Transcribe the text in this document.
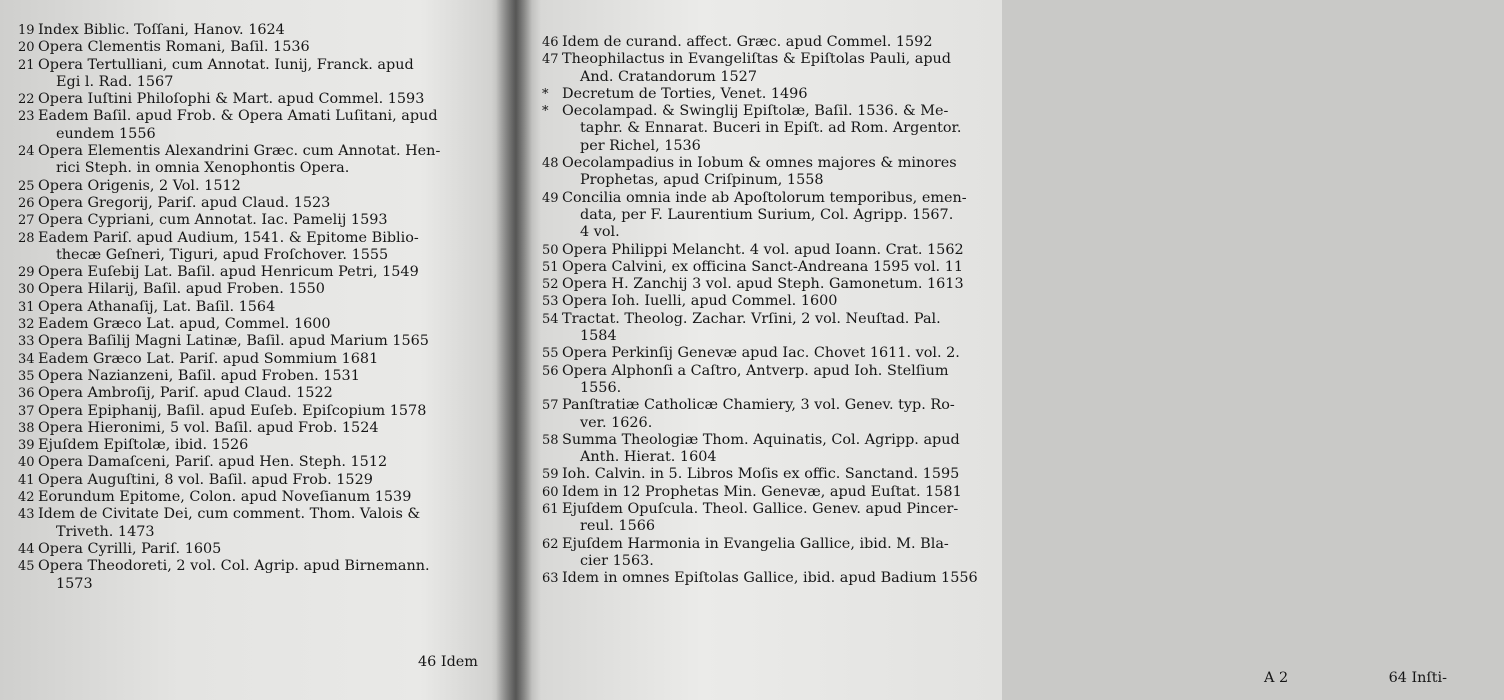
19 Index Biblic. Toſſani, Hanov. 1624
20 Opera Clementis Romani, Baſil. 1536
21 Opera Tertulliani, cum Annotat. Iunij, Franck. apud
Egi l. Rad. 1567
22 Opera Iuſtini Philoſophi & Mart. apud Commel. 1593
23 Eadem Baſil. apud Frob. & Opera Amati Luſitani, apud
eundem 1556
24 Opera Elementis Alexandrini Græc. cum Annotat. Hen-
rici Steph. in omnia Xenophontis Opera.
25 Opera Origenis, 2 Vol. 1512
26 Opera Gregorij, Pariſ. apud Claud. 1523
27 Opera Cypriani, cum Annotat. Iac. Pamelij 1593
28 Eadem Pariſ. apud Audium, 1541. & Epitome Biblio-
thecæ Geſneri, Tiguri, apud Froſchover. 1555
29 Opera Euſebij Lat. Baſil. apud Henricum Petri, 1549
30 Opera Hilarij, Baſil. apud Froben. 1550
31 Opera Athanaſij, Lat. Baſil. 1564
32 Eadem Græco Lat. apud, Commel. 1600
33 Opera Baſilij Magni Latinæ, Baſil. apud Marium 1565
34 Eadem Græco Lat. Pariſ. apud Sommium 1681
35 Opera Nazianzeni, Baſil. apud Froben. 1531
36 Opera Ambroſij, Pariſ. apud Claud. 1522
37 Opera Epiphanij, Baſil. apud Euſeb. Epiſcopium 1578
38 Opera Hieronimi, 5 vol. Baſil. apud Frob. 1524
39 Ejuſdem Epiſtolæ, ibid. 1526
40 Opera Damaſceni, Pariſ. apud Hen. Steph. 1512
41 Opera Auguſtini, 8 vol. Baſil. apud Frob. 1529
42 Eorundum Epitome, Colon. apud Noveſianum 1539
43 Idem de Civitate Dei, cum comment. Thom. Valois &
Triveth. 1473
44 Opera Cyrilli, Pariſ. 1605
45 Opera Theodoreti, 2 vol. Col. Agrip. apud Birnemann.
1573
46 Idem
46 Idem de curand. affect. Græc. apud Commel. 1592
47 Theophilactus in Evangeliſtas & Epiſtolas Pauli, apud
And. Cratandorum 1527
* Decretum de Torties, Venet. 1496
* Oecolampad. & Swinglij Epiſtolæ, Baſil. 1536. & Me-
taphr. & Ennarat. Buceri in Epiſt. ad Rom. Argentor.
per Richel, 1536
48 Oecolampadius in Iobum & omnes majores & minores
Prophetas, apud Criſpinum, 1558
49 Concilia omnia inde ab Apoſtolorum temporibus, emen-
data, per F. Laurentium Surium, Col. Agripp. 1567.
4 vol.
50 Opera Philippi Melancht. 4 vol. apud Ioann. Crat. 1562
51 Opera Calvini, ex officina Sanct-Andreana 1595 vol. 11
52 Opera H. Zanchij 3 vol. apud Steph. Gamonetum. 1613
53 Opera Ioh. Iuelli, apud Commel. 1600
54 Tractat. Theolog. Zachar. Vrſini, 2 vol. Neuſtad. Pal.
1584
55 Opera Perkinſij Genevæ apud Iac. Chovet 1611. vol. 2.
56 Opera Alphonſi a Caſtro, Antverp. apud Ioh. Stelſium
1556.
57 Panſtratiæ Catholicæ Chamiery, 3 vol. Genev. typ. Ro-
ver. 1626.
58 Summa Theologiæ Thom. Aquinatis, Col. Agripp. apud
Anth. Hierat. 1604
59 Ioh. Calvin. in 5. Libros Moſis ex offic. Sanctand. 1595
60 Idem in 12 Prophetas Min. Genevæ, apud Euſtat. 1581
61 Ejuſdem Opuſcula. Theol. Gallice. Genev. apud Pincer-
reul. 1566
62 Ejuſdem Harmonia in Evangelia Gallice, ibid. M. Bla-
cier 1563.
63 Idem in omnes Epiſtolas Gallice, ibid. apud Badium 1556
A 2	64 Inſti-
